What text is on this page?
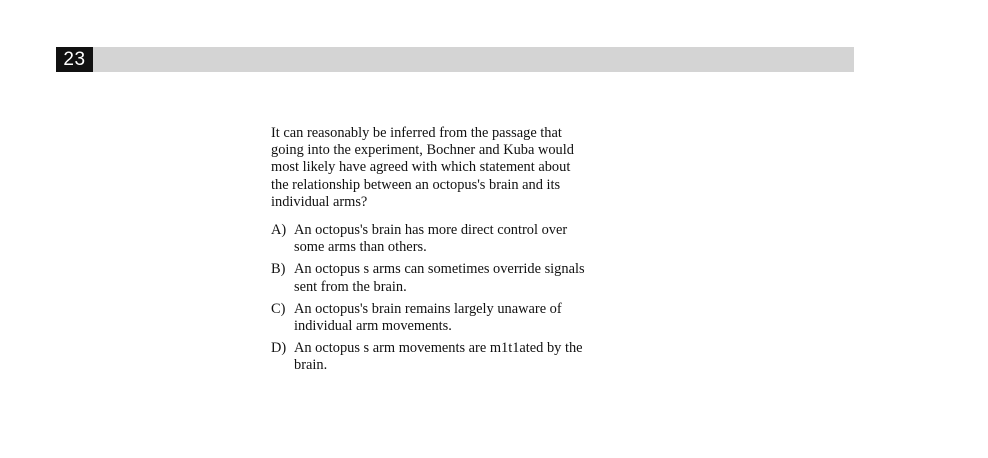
23

It can reasonably be inferred from the passage that going into the experiment, Bochner and Kuba would most likely have agreed with which statement about the relationship between an octopus's brain and its individual arms?

A) An octopus's brain has more direct control over some arms than others.
B) An octopus s arms can sometimes override signals sent from the brain.
C) An octopus's brain remains largely unaware of individual arm movements.
D) An octopus s arm movements are m1t1ated by the brain.
